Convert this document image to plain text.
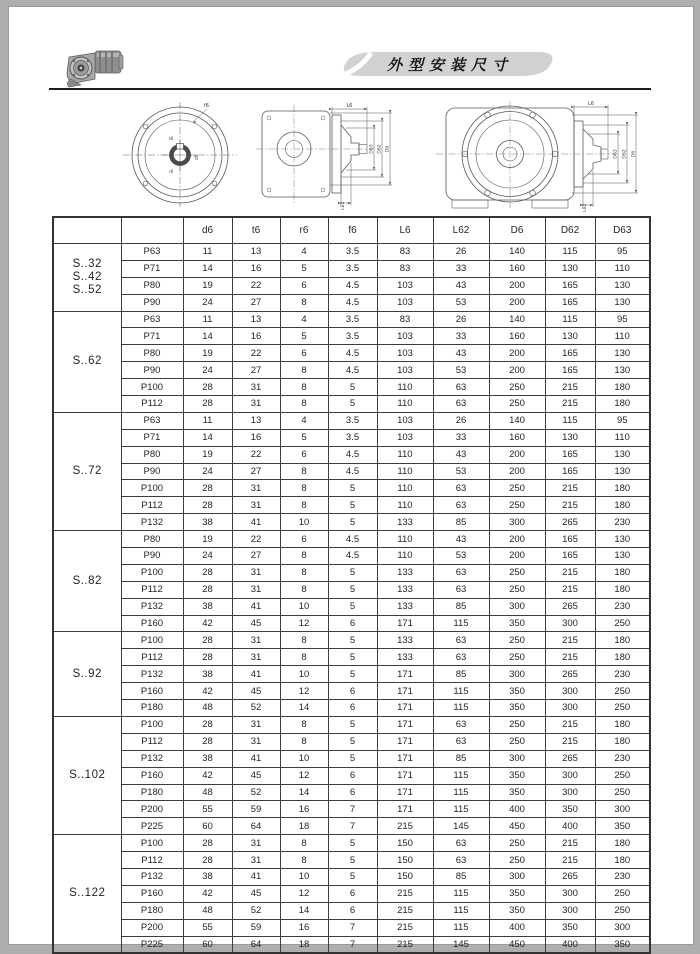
外型安装尺寸
t6
d6
r6
f6	L6
D63 D62 D6
L62
L6
D63 D62 D6
L62
		d6	t6	r6	f6	L6	L62	D6	D62	D63

S..32
S..42
S..52	P63	11	13	4	3.5	83	26	140	115	95
	P71	14	16	5	3.5	83	33	160	130	110
	P80	19	22	6	4.5	103	43	200	165	130
	P90	24	27	8	4.5	103	53	200	165	130

S..62	P63	11	13	4	3.5	83	26	140	115	95
	P71	14	16	5	3.5	103	33	160	130	110
	P80	19	22	6	4.5	103	43	200	165	130
	P90	24	27	8	4.5	103	53	200	165	130
	P100	28	31	8	5	110	63	250	215	180
	P112	28	31	8	5	110	63	250	215	180

S..72	P63	11	13	4	3.5	103	26	140	115	95
	P71	14	16	5	3.5	103	33	160	130	110
	P80	19	22	6	4.5	110	43	200	165	130
	P90	24	27	8	4.5	110	53	200	165	130
	P100	28	31	8	5	110	63	250	215	180
	P112	28	31	8	5	110	63	250	215	180
	P132	38	41	10	5	133	85	300	265	230

S..82	P80	19	22	6	4.5	110	43	200	165	130
	P90	24	27	8	4.5	110	53	200	165	130
	P100	28	31	8	5	133	63	250	215	180
	P112	28	31	8	5	133	63	250	215	180
	P132	38	41	10	5	133	85	300	265	230
	P160	42	45	12	6	171	115	350	300	250

S..92	P100	28	31	8	5	133	63	250	215	180
	P112	28	31	8	5	133	63	250	215	180
	P132	38	41	10	5	171	85	300	265	230
	P160	42	45	12	6	171	115	350	300	250
	P180	48	52	14	6	171	115	350	300	250

S..102	P100	28	31	8	5	171	63	250	215	180
	P112	28	31	8	5	171	63	250	215	180
	P132	38	41	10	5	171	85	300	265	230
	P160	42	45	12	6	171	115	350	300	250
	P180	48	52	14	6	171	115	350	300	250
	P200	55	59	16	7	171	115	400	350	300
	P225	60	64	18	7	215	145	450	400	350

S..122	P100	28	31	8	5	150	63	250	215	180
	P112	28	31	8	5	150	63	250	215	180
	P132	38	41	10	5	150	85	300	265	230
	P160	42	45	12	6	215	115	350	300	250
	P180	48	52	14	6	215	115	350	300	250
	P200	55	59	16	7	215	115	400	350	300
	P225	60	64	18	7	215	145	450	400	350
